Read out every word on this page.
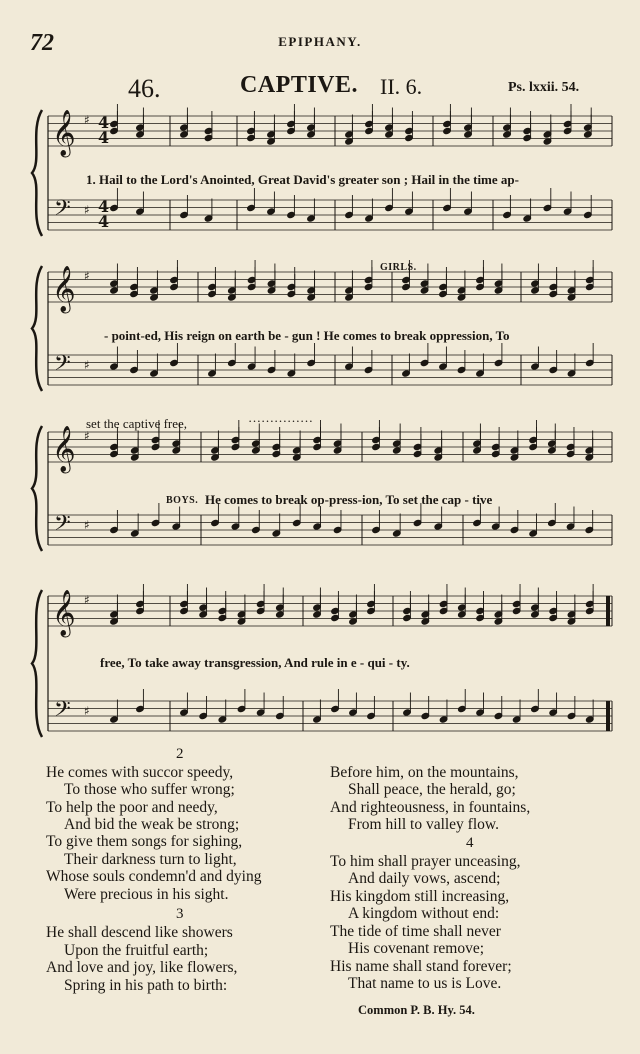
72	EPIPHANY.
46.	CAPTIVE. II. 6.	Ps. lxxii. 54.
𝄞
𝄢
♯
♯
𝄞
𝄢
♯
♯
𝄞
𝄢
♯
♯
𝄞
𝄢
♯
♯
4
4
4
4
1. Hail to the Lord's Anointed, Great David's greater son ; Hail in the time ap-
GIRLS.
- point-ed, His reign on earth be - gun ! He comes to break oppression, To
set the captive free,	……………
BOYS. He comes to break op-press-ion, To set the cap - tive
free, To take away transgression, And rule in e - qui - ty.
2
He comes with succor speedy,
To those who suffer wrong;
To help the poor and needy,
And bid the weak be strong;
To give them songs for sighing,
Their darkness turn to light,
Whose souls condemn'd and dying
Were precious in his sight.
3
He shall descend like showers
Upon the fruitful earth;
And love and joy, like flowers,
Spring in his path to birth:
Before him, on the mountains,
Shall peace, the herald, go;
And righteousness, in fountains,
From hill to valley flow.
4
To him shall prayer unceasing,
And daily vows, ascend;
His kingdom still increasing,
A kingdom without end:
The tide of time shall never
His covenant remove;
His name shall stand forever;
That name to us is Love.
Common P. B. Hy. 54.
